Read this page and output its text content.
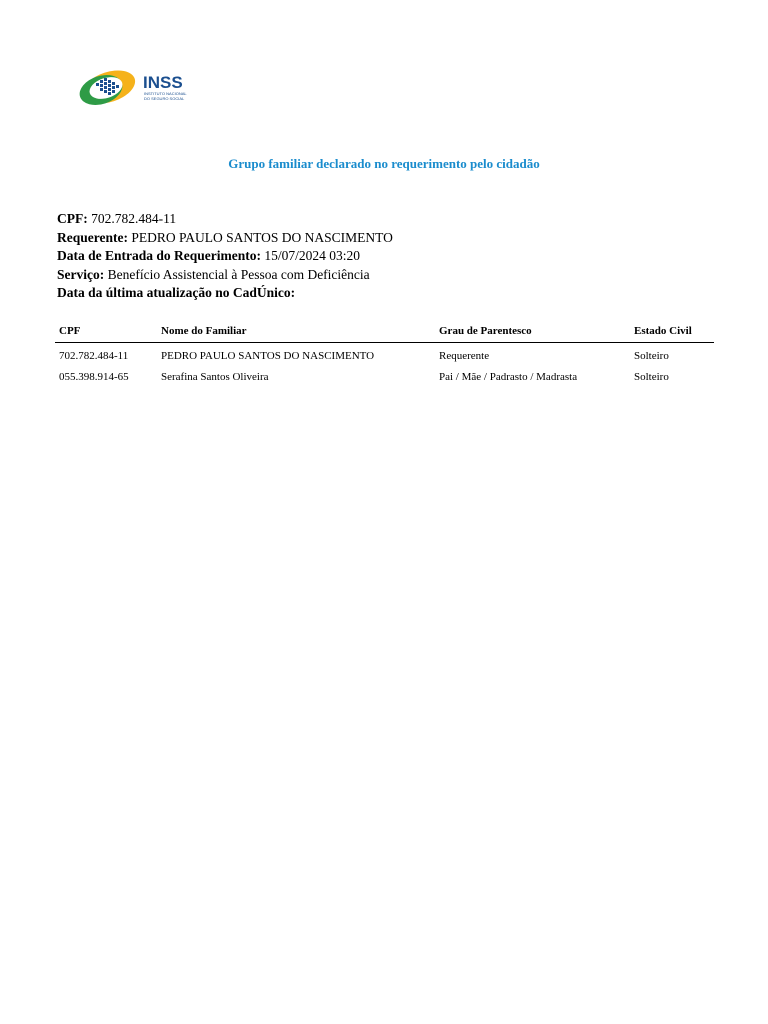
INSS
INSTITUTO NACIONAL
DO SEGURO SOCIAL
Grupo familiar declarado no requerimento pelo cidadão
CPF: 702.782.484-11
Requerente: PEDRO PAULO SANTOS DO NASCIMENTO
Data de Entrada do Requerimento: 15/07/2024 03:20
Serviço: Benefício Assistencial à Pessoa com Deficiência
Data da última atualização no CadÚnico:
CPF	Nome do Familiar	Grau de Parentesco	Estado Civil
702.782.484-11	PEDRO PAULO SANTOS DO NASCIMENTO	Requerente	Solteiro
055.398.914-65	Serafina Santos Oliveira	Pai / Mãe / Padrasto / Madrasta	Solteiro
